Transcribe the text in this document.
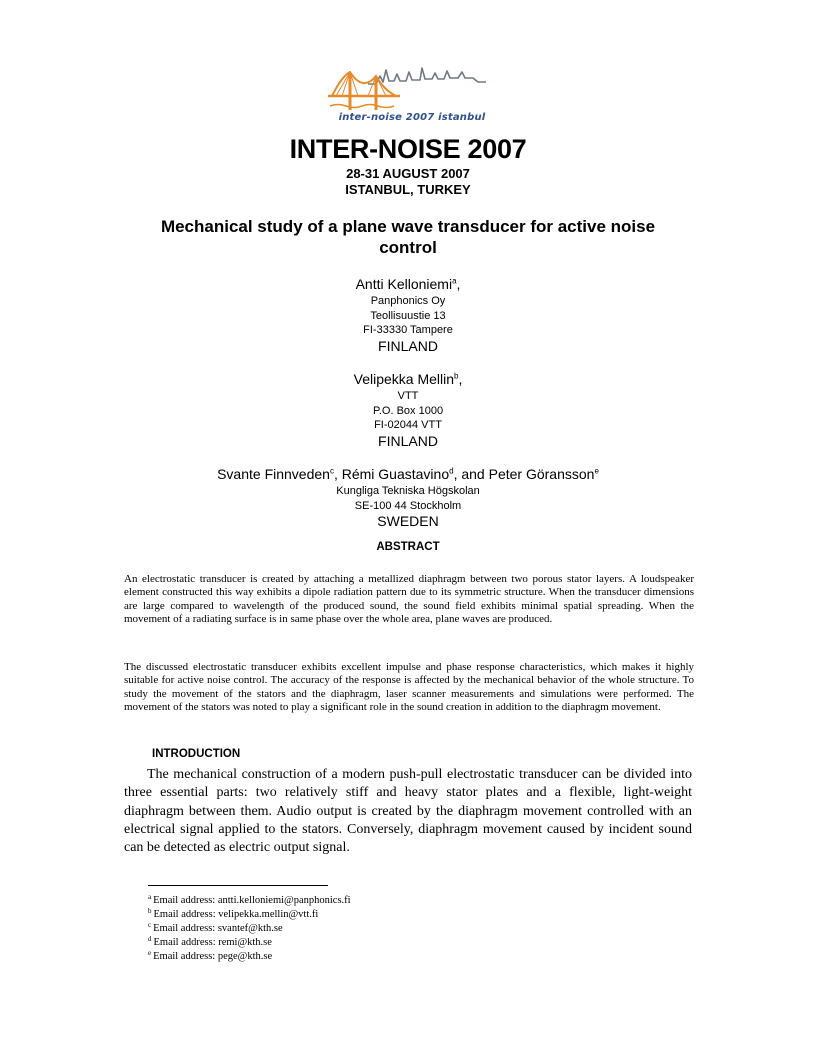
inter-noise 2007 istanbul
INTER-NOISE 2007
28-31 AUGUST 2007
ISTANBUL, TURKEY
Mechanical study of a plane wave transducer for active noise
control
Antti Kelloniemi$^a$,
Panphonics Oy
Teollisuustie 13
FI-33330 Tampere
FINLAND
Velipekka Mellin$^b$,
VTT
P.O. Box 1000
FI-02044 VTT
FINLAND
Svante Finnveden$^c$, Rémi Guastavino$^d$, and Peter Göransson$^e$
Kungliga Tekniska Högskolan
SE-100 44 Stockholm
SWEDEN
ABSTRACT
An electrostatic transducer is created by attaching a metallized diaphragm between two porous stator layers. A loudspeaker element constructed this way exhibits a dipole radiation pattern due to its symmetric structure. When the transducer dimensions are large compared to wavelength of the produced sound, the sound field exhibits minimal spatial spreading. When the movement of a radiating surface is in same phase over the whole area, plane waves are produced.
The discussed electrostatic transducer exhibits excellent impulse and phase response characteristics, which makes it highly suitable for active noise control. The accuracy of the response is affected by the mechanical behavior of the whole structure. To study the movement of the stators and the diaphragm, laser scanner measurements and simulations were performed. The movement of the stators was noted to play a significant role in the sound creation in addition to the diaphragm movement.
INTRODUCTION
The mechanical construction of a modern push-pull electrostatic transducer can be divided into three essential parts: two relatively stiff and heavy stator plates and a flexible, light-weight diaphragm between them. Audio output is created by the diaphragm movement controlled with an electrical signal applied to the stators. Conversely, diaphragm movement caused by incident sound can be detected as electric output signal.
$^a$ Email address: antti.kelloniemi@panphonics.fi
$^b$ Email address: velipekka.mellin@vtt.fi
$^c$ Email address: svantef@kth.se
$^d$ Email address: remi@kth.se
$^e$ Email address: pege@kth.se
